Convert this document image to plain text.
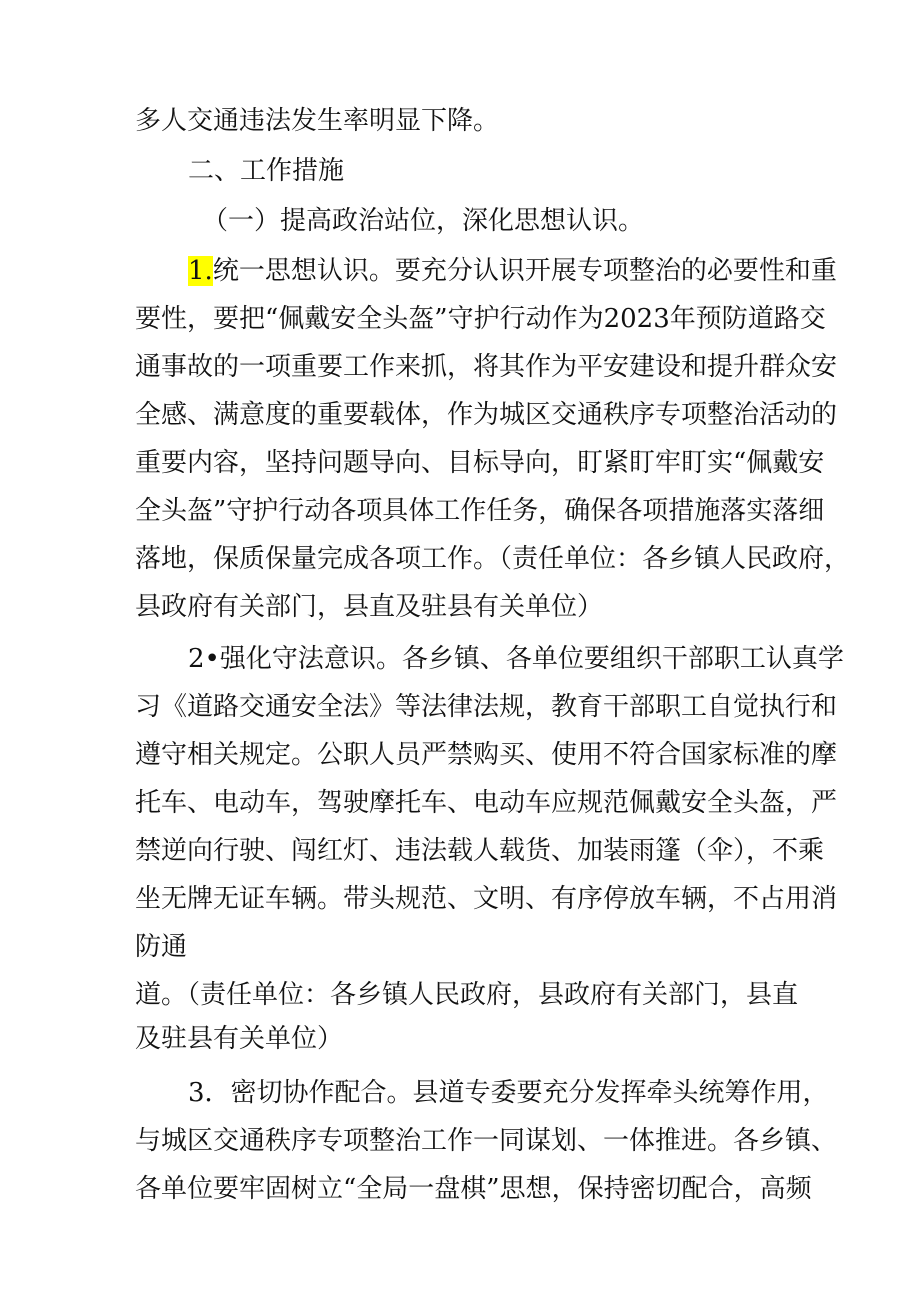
多人交通违法发生率明显下降。
二、工作措施
（一）提高政治站位，深化思想认识。
1.统一思想认识。要充分认识开展专项整治的必要性和重
要性，要把“佩戴安全头盔”守护行动作为2023年预防道路交
通事故的一项重要工作来抓，将其作为平安建设和提升群众安
全感、满意度的重要载体，作为城区交通秩序专项整治活动的
重要内容，坚持问题导向、目标导向，盯紧盯牢盯实“佩戴安
全头盔”守护行动各项具体工作任务，确保各项措施落实落细
落地，保质保量完成各项工作。（责任单位：各乡镇人民政府，
县政府有关部门，县直及驻县有关单位）
2•强化守法意识。各乡镇、各单位要组织干部职工认真学
习《道路交通安全法》等法律法规，教育干部职工自觉执行和
遵守相关规定。公职人员严禁购买、使用不符合国家标准的摩
托车、电动车，驾驶摩托车、电动车应规范佩戴安全头盔，严
禁逆向行驶、闯红灯、违法载人载货、加装雨篷（伞），不乘
坐无牌无证车辆。带头规范、文明、有序停放车辆，不占用消
防通
道。（责任单位：各乡镇人民政府，县政府有关部门，县直
及驻县有关单位）
3．密切协作配合。县道专委要充分发挥牵头统筹作用，
与城区交通秩序专项整治工作一同谋划、一体推进。各乡镇、
各单位要牢固树立“全局一盘棋”思想，保持密切配合，高频
